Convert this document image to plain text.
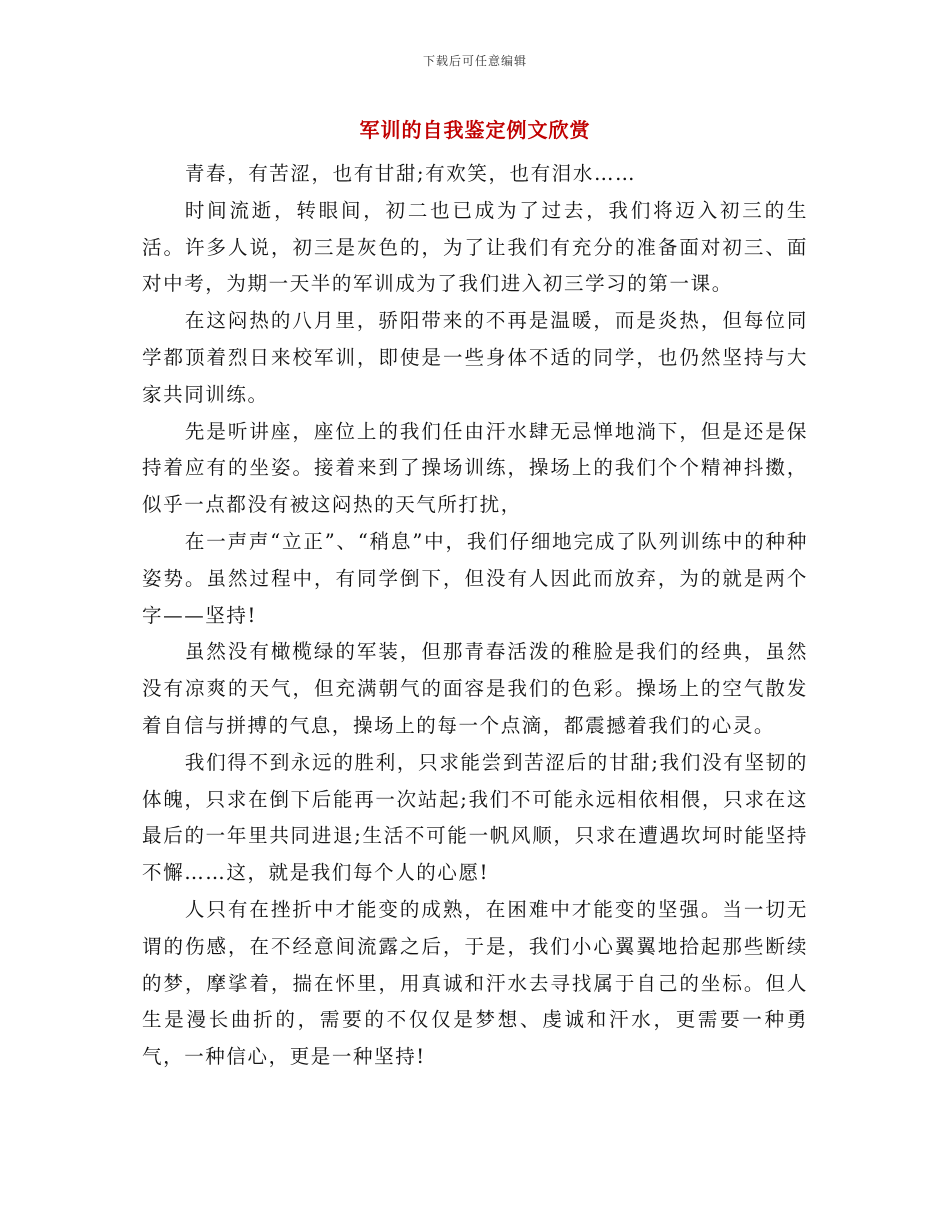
下载后可任意编辑
军训的自我鉴定例文欣赏

青春，有苦涩，也有甘甜;有欢笑，也有泪水……

时间流逝，转眼间，初二也已成为了过去，我们将迈入初三的生活。许多人说，初三是灰色的，为了让我们有充分的准备面对初三、面对中考，为期一天半的军训成为了我们进入初三学习的第一课。

在这闷热的八月里，骄阳带来的不再是温暖，而是炎热，但每位同学都顶着烈日来校军训，即使是一些身体不适的同学，也仍然坚持与大家共同训练。

先是听讲座，座位上的我们任由汗水肆无忌惮地淌下，但是还是保持着应有的坐姿。接着来到了操场训练，操场上的我们个个精神抖擞，似乎一点都没有被这闷热的天气所打扰，

在一声声“立正”、“稍息”中，我们仔细地完成了队列训练中的种种姿势。虽然过程中，有同学倒下，但没有人因此而放弃，为的就是两个字——坚持!

虽然没有橄榄绿的军装，但那青春活泼的稚脸是我们的经典，虽然没有凉爽的天气，但充满朝气的面容是我们的色彩。操场上的空气散发着自信与拼搏的气息，操场上的每一个点滴，都震撼着我们的心灵。

我们得不到永远的胜利，只求能尝到苦涩后的甘甜;我们没有坚韧的体魄，只求在倒下后能再一次站起;我们不可能永远相依相偎，只求在这最后的一年里共同进退;生活不可能一帆风顺，只求在遭遇坎坷时能坚持不懈……这，就是我们每个人的心愿!

人只有在挫折中才能变的成熟，在困难中才能变的坚强。当一切无谓的伤感，在不经意间流露之后，于是，我们小心翼翼地拾起那些断续的梦，摩挲着，揣在怀里，用真诚和汗水去寻找属于自己的坐标。但人生是漫长曲折的，需要的不仅仅是梦想、虔诚和汗水，更需要一种勇气，一种信心，更是一种坚持!
